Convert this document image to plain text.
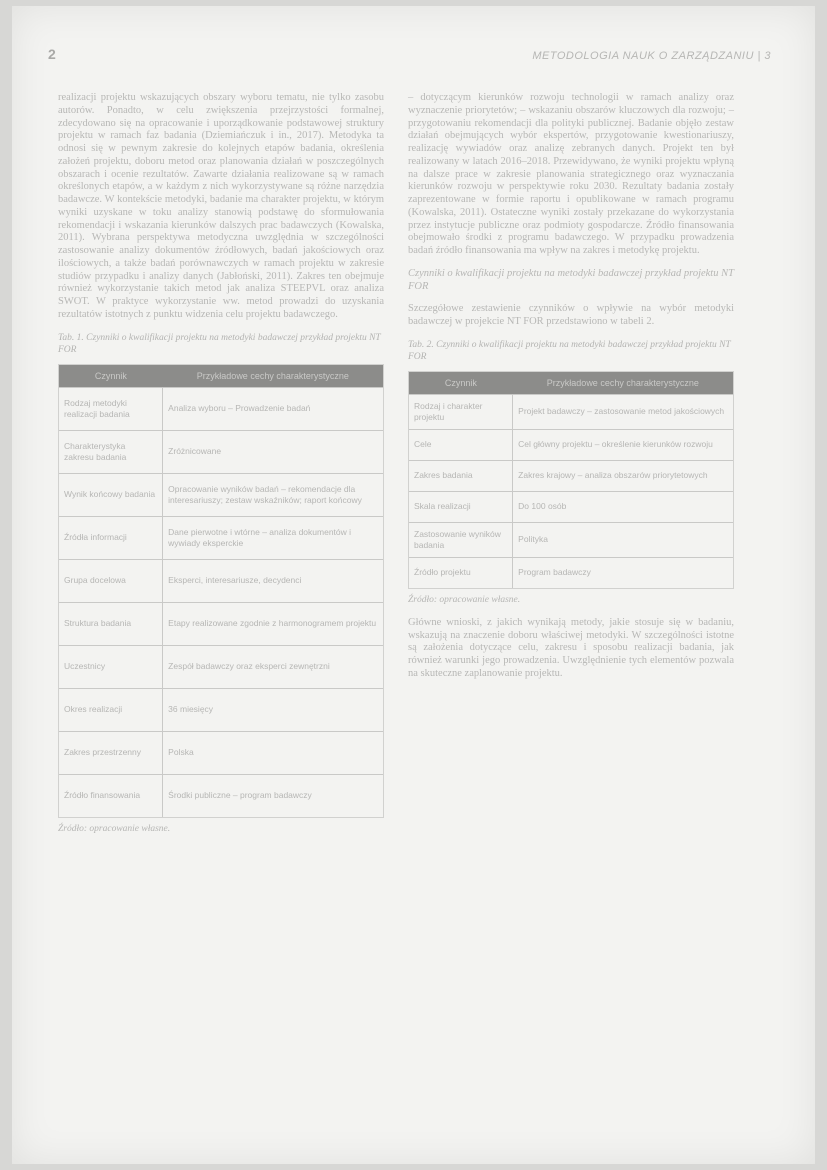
2	METODOLOGIA NAUK O ZARZĄDZANIU | 3

realizacji projektu wskazujących obszary wyboru tematu, nie tylko zasobu autorów. Ponadto, w celu zwiększenia przejrzystości formalnej, zdecydowano się na opracowanie i uporządkowanie podstawowej struktury projektu w ramach faz badania (Dziemiańczuk i in., 2017). Metodyka ta odnosi się w pewnym zakresie do kolejnych etapów badania, określenia założeń projektu, doboru metod oraz planowania działań w poszczególnych obszarach i ocenie rezultatów. Zawarte działania realizowane są w ramach określonych etapów, a w każdym z nich wykorzystywane są różne narzędzia badawcze. W kontekście metodyki, badanie ma charakter projektu, w którym wyniki uzyskane w toku analizy stanowią podstawę do sformułowania rekomendacji i wskazania kierunków dalszych prac badawczych (Kowalska, 2011). Wybrana perspektywa metodyczna uwzględnia w szczególności zastosowanie analizy dokumentów źródłowych, badań jakościowych oraz ilościowych, a także badań porównawczych w ramach projektu w zakresie studiów przypadku i analizy danych (Jabłoński, 2011). Zakres ten obejmuje również wykorzystanie takich metod jak analiza STEEPVL oraz analiza SWOT. W praktyce wykorzystanie ww. metod prowadzi do uzyskania rezultatów istotnych z punktu widzenia celu projektu badawczego.

Tab. 1. Czynniki o kwalifikacji projektu na metodyki badawczej przykład projektu NT FOR
Czynnik	Przykładowe cechy charakterystyczne
Rodzaj metodyki realizacji badania	Analiza wyboru – Prowadzenie badań
Charakterystyka zakresu badania	Zróżnicowane
Wynik końcowy badania	Opracowanie wyników badań – rekomendacje dla interesariuszy; zestaw wskaźników; raport końcowy
Źródła informacji	Dane pierwotne i wtórne – analiza dokumentów i wywiady eksperckie
Grupa docelowa	Eksperci, interesariusze, decydenci
Struktura badania	Etapy realizowane zgodnie z harmonogramem projektu
Uczestnicy	Zespół badawczy oraz eksperci zewnętrzni
Okres realizacji	36 miesięcy
Zakres przestrzenny	Polska
Źródło finansowania	Środki publiczne – program badawczy
Źródło: opracowanie własne.

– dotyczącym kierunków rozwoju technologii w ramach analizy oraz wyznaczenie priorytetów; – wskazaniu obszarów kluczowych dla rozwoju; – przygotowaniu rekomendacji dla polityki publicznej. Badanie objęło zestaw działań obejmujących wybór ekspertów, przygotowanie kwestionariuszy, realizację wywiadów oraz analizę zebranych danych. Projekt ten był realizowany w latach 2016–2018. Przewidywano, że wyniki projektu wpłyną na dalsze prace w zakresie planowania strategicznego oraz wyznaczania kierunków rozwoju w perspektywie roku 2030. Rezultaty badania zostały zaprezentowane w formie raportu i opublikowane w ramach programu (Kowalska, 2011). Ostateczne wyniki zostały przekazane do wykorzystania przez instytucje publiczne oraz podmioty gospodarcze. Źródło finansowania obejmowało środki z programu badawczego. W przypadku prowadzenia badań źródło finansowania ma wpływ na zakres i metodykę projektu.

Czynniki o kwalifikacji projektu na metodyki badawczej przykład projektu NT FOR

Szczegółowe zestawienie czynników o wpływie na wybór metodyki badawczej w projekcie NT FOR przedstawiono w tabeli 2.

Tab. 2. Czynniki o kwalifikacji projektu na metodyki badawczej przykład projektu NT FOR
Czynnik	Przykładowe cechy charakterystyczne
Rodzaj i charakter projektu	Projekt badawczy – zastosowanie metod jakościowych
Cele	Cel główny projektu – określenie kierunków rozwoju
Zakres badania	Zakres krajowy – analiza obszarów priorytetowych
Skala realizacji	Do 100 osób
Zastosowanie wyników badania	Polityka
Źródło projektu	Program badawczy
Źródło: opracowanie własne.

Główne wnioski, z jakich wynikają metody, jakie stosuje się w badaniu, wskazują na znaczenie doboru właściwej metodyki. W szczególności istotne są założenia dotyczące celu, zakresu i sposobu realizacji badania, jak również warunki jego prowadzenia. Uwzględnienie tych elementów pozwala na skuteczne zaplanowanie projektu.
